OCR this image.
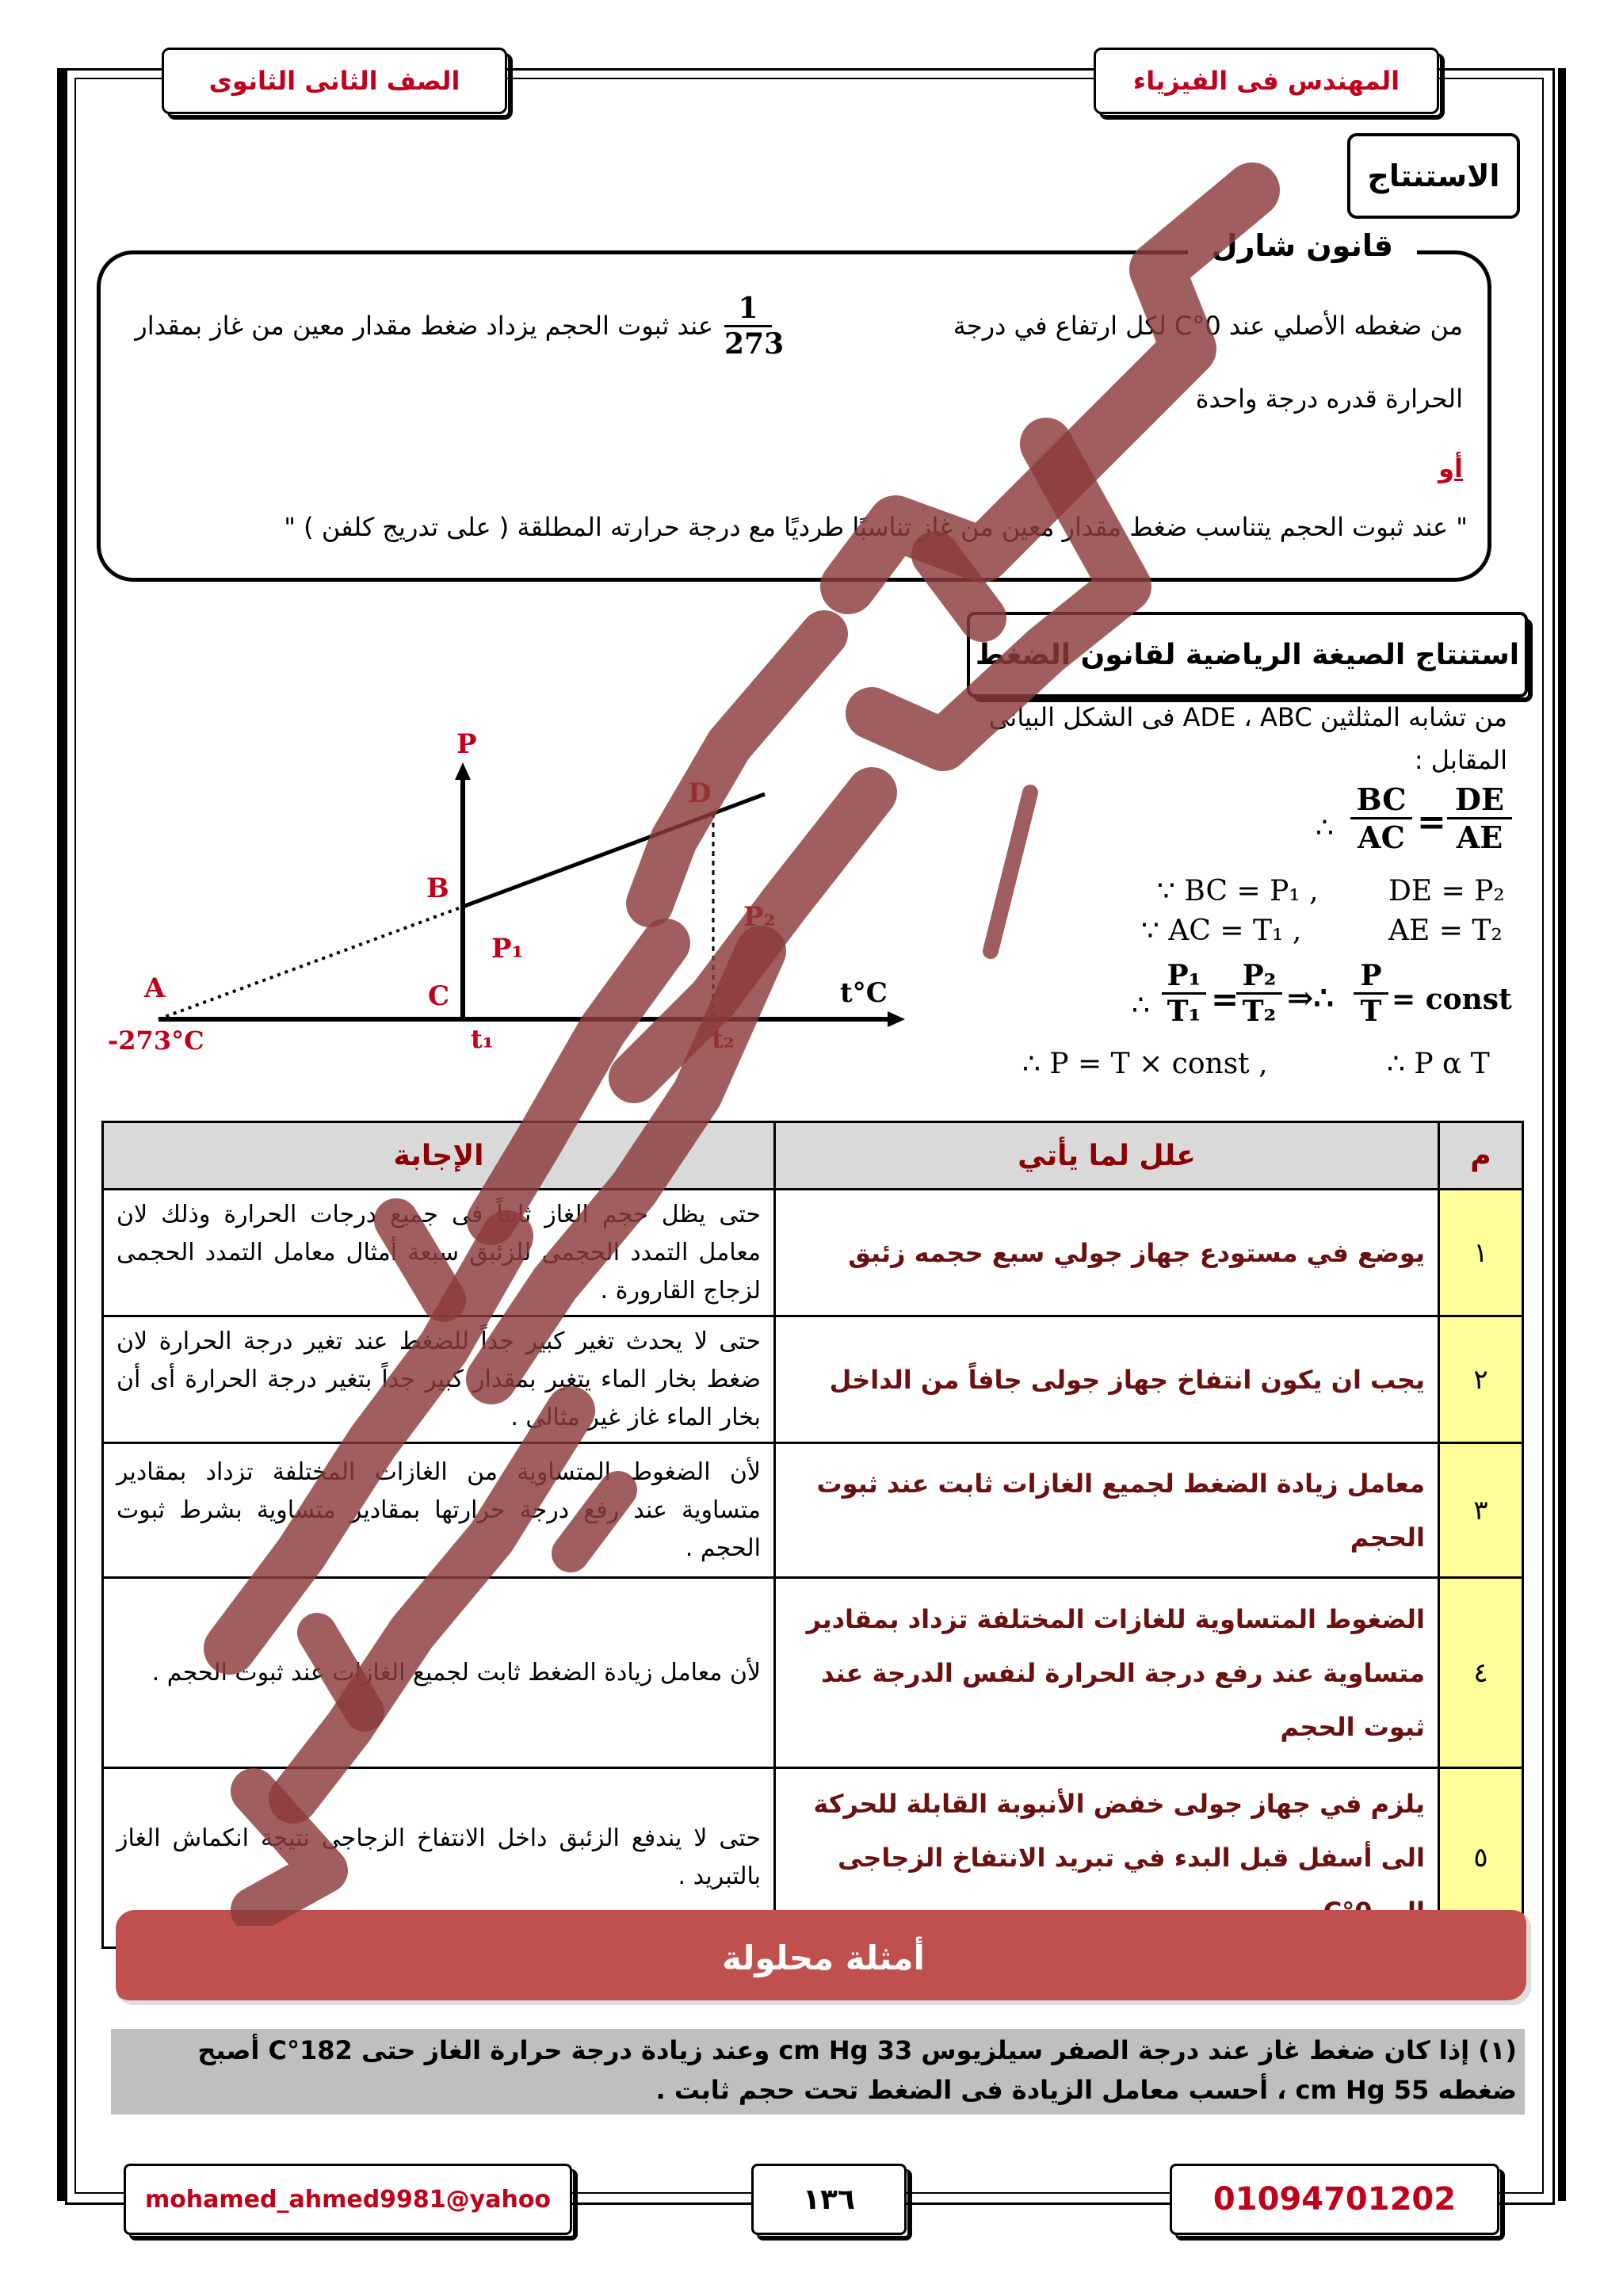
المهندس فى الفيزياء
الصف الثانى الثانوى
الاستنتاج
قانون شارل
من ضغطه الأصلي عند 0°C لكل ارتفاع في درجة
$\frac{1}{273}$
عند ثبوت الحجم يزداد ضغط مقدار معين من غاز بمقدار
الحرارة قدره درجة واحدة
أو
" عند ثبوت الحجم يتناسب ضغط مقدار معين من غاز تناسبًا طرديًا مع درجة حرارته المطلقة ( على تدريج كلفن ) "
استنتاج الصيغة الرياضية لقانون الضغط
من تشابه المثلثين ADE ، ABC فى الشكل البيانى
المقابل :
∴ $\frac{BC}{AC} = \frac{DE}{AE}$
∵ BC = P₁ , DE = P₂
∵ AC = T₁ ,	AE = T₂
∴ $\frac{\text{P₁}}{\text{T₁}}$ =
$\frac{\text{P₂}}{\text{T₂}}$ ⇒∴ $\frac{P}{T}$ = const
∴ P = T × const ,	∴ P α T
P
D
B
P₁
P₂
A	C	t°C
-273°C	t₁	t₂
الإجابة	علل لما يأتي	م
حتى يظل حجم الغاز ثابتاً فى جميع درجات الحرارة وذلك لان معامل التمدد الحجمى للزئبق سبعة أمثال معامل التمدد الحجمى لزجاج القارورة .	يوضع في مستودع جهاز جولي سبع حجمه زئبق	١
حتى لا يحدث تغير كبير جداً للضغط عند تغير درجة الحرارة لان ضغط بخار الماء يتغير بمقدار كبير جداً بتغير درجة الحرارة أى أن بخار الماء غاز غير مثالى .	يجب ان يكون انتفاخ جهاز جولى جافاً من الداخل	٢
لأن الضغوط المتساوية من الغازات المختلفة تزداد بمقادير متساوية عند رفع درجة حرارتها بمقادير متساوية بشرط ثبوت الحجم .	معامل زيادة الضغط لجميع الغازات ثابت عند ثبوت الحجم	٣
لأن معامل زيادة الضغط ثابت لجميع الغازات عند ثبوت الحجم .	الضغوط المتساوية للغازات المختلفة تزداد بمقادير متساوية عند رفع درجة الحرارة لنفس الدرجة عند ثبوت الحجم	٤
حتى لا يندفع الزئبق داخل الانتفاخ الزجاجى نتيجة انكماش الغاز بالتبريد .	يلزم في جهاز جولى خفض الأنبوبة القابلة للحركة الى أسفل قبل البدء في تبريد الانتفاخ الزجاجى	٥
أمثلة محلولة
(١) إذا كان ضغط غاز عند درجة الصفر سيلزيوس 33 cm Hg وعند زيادة درجة حرارة الغاز حتى 182°C أصبح ضغطه 55 cm Hg ، أحسب معامل الزيادة فى الضغط تحت حجم ثابت .
mohamed_ahmed9981@yahoo	١٣٦	01094701202
